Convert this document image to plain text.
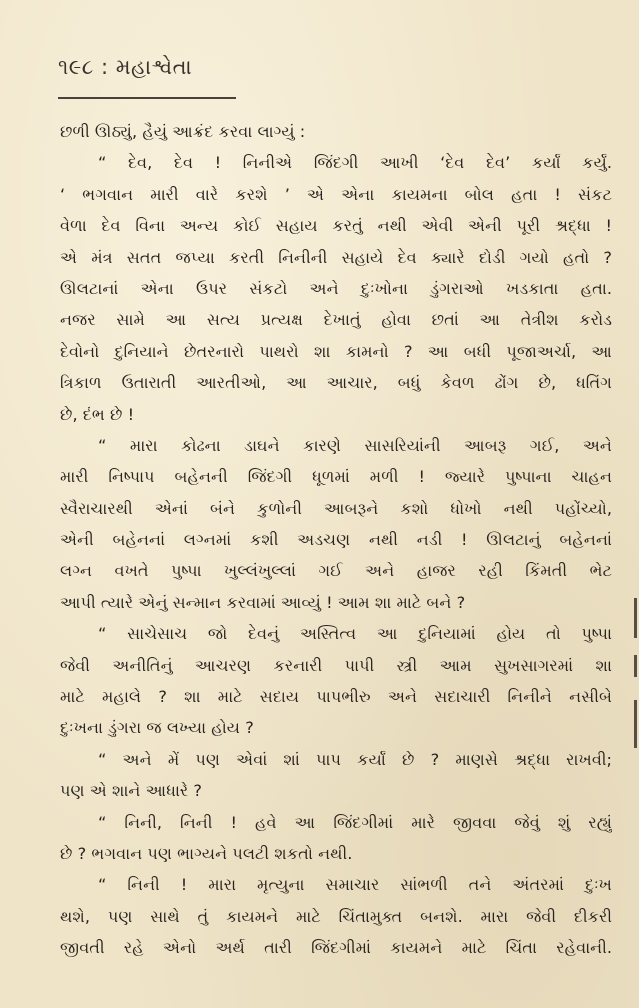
૧૯૮ : મહાશ્વેતા
છળી ઊઠ્યું, હૈયું આક્રંદ કરવા લાગ્યું :
“ દેવ, દેવ ! નિનીએ જિંદગી આખી ‘દેવ દેવ’ કર્યાં કર્યું.
‘ ભગવાન મારી વારે કરશે ’ એ એના કાયમના બોલ હતા ! સંકટ
વેળા દેવ વિના અન્ય કોઈ સહાય કરતું નથી એવી એની પૂરી શ્રદ્ધા !
એ મંત્ર સતત જપ્યા કરતી નિનીની સહાયે દેવ ક્યારે દોડી ગયો હતો ?
ઊલટાનાં એના ઉપર સંકટો અને દુઃખોના ડુંગરાઓ ખડકાતા હતા.
નજર સામે આ સત્ય પ્રત્યક્ષ દેખાતું હોવા છતાં આ તેત્રીશ કરોડ
દેવોનો દુનિયાને છેતરનારો પાથરો શા કામનો ? આ બધી પૂજાઅર્ચા, આ
ત્રિકાળ ઉતારાતી આરતીઓ, આ આચાર, બધું કેવળ ઢોંગ છે, ધતિંગ
છે, દંભ છે !
“ મારા કોઢના ડાઘને કારણે સાસરિયાંની આબરૂ ગઈ, અને
મારી નિષ્પાપ બહેનની જિંદગી ધૂળમાં મળી ! જ્યારે પુષ્પાના ચાહન
સ્વૈરાચારથી એનાં બંને કુળોની આબરૂને કશો ધોખો નથી પહોંચ્યો,
એની બહેનનાં લગ્નમાં કશી અડચણ નથી નડી ! ઊલટાનું બહેનનાં
લગ્ન વખતે પુષ્પા ખુલ્લંખુલ્લાં ગઈ અને હાજર રહી કિંમતી ભેટ
આપી ત્યારે એનું સન્માન કરવામાં આવ્યું ! આમ શા માટે બને ?
“ સાચેસાચ જો દેવનું અસ્તિત્વ આ દુનિયામાં હોય તો પુષ્પા
જેવી અનીતિનું આચરણ કરનારી પાપી સ્ત્રી આમ સુખસાગરમાં શા
માટે મહાલે ? શા માટે સદાય પાપભીરુ અને સદાચારી નિનીને નસીબે
દુઃખના ડુંગરા જ લખ્યા હોય ?
“ અને મેં પણ એવાં શાં પાપ કર્યાં છે ? માણસે શ્રદ્ધા રાખવી;
પણ એ શાને આધારે ?
“ નિની, નિની ! હવે આ જિંદગીમાં મારે જીવવા જેવું શું રહ્યું
છે ? ભગવાન પણ ભાગ્યને પલટી શકતો નથી.
“ નિની ! મારા મૃત્યુના સમાચાર સાંભળી તને અંતરમાં દુઃખ
થશે, પણ સાથે તું કાયમને માટે ચિંતામુક્ત બનશે. મારા જેવી દીકરી
જીવતી રહે એનો અર્થ તારી જિંદગીમાં કાયમને માટે ચિંતા રહેવાની.
